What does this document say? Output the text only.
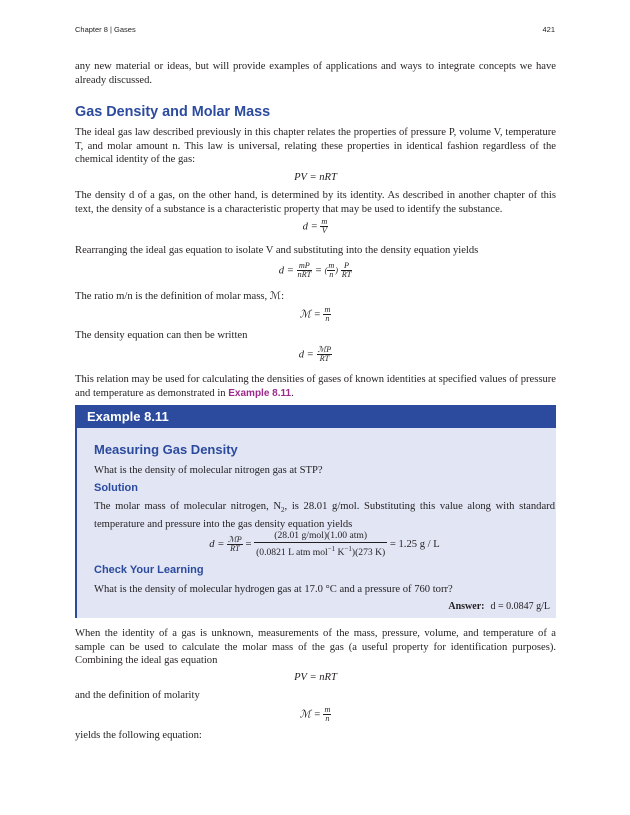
Chapter 8 | Gases	421

any new material or ideas, but will provide examples of applications and ways to integrate concepts we have already discussed.

Gas Density and Molar Mass

The ideal gas law described previously in this chapter relates the properties of pressure P, volume V, temperature T, and molar amount n. This law is universal, relating these properties in identical fashion regardless of the chemical identity of the gas:

PV = nRT

The density d of a gas, on the other hand, is determined by its identity. As described in another chapter of this text, the density of a substance is a characteristic property that may be used to identify the substance.

$d = \frac{m}{V}$

Rearranging the ideal gas equation to isolate V and substituting into the density equation yields

$d = \frac{mP}{\text{nRT}}$ = ( $\frac{m}{n}$ ) $\frac{P}{RT}$

The ratio m/n is the definition of molar mass, ℳ:

ℳ = $\frac{m}{n}$

The density equation can then be written

$d = \frac{\text{ℳP}}{RT}$

This relation may be used for calculating the densities of gases of known identities at specified values of pressure and temperature as demonstrated in Example 8.11.

Example 8.11
Measuring Gas Density

What is the density of molecular nitrogen gas at STP?

Solution

The molar mass of molecular nitrogen, $N_2$, is 28.01 g/mol. Substituting this value along with standard temperature and pressure into the gas density equation yields

$d = \frac{\text{ℳP}}{RT} = \frac{\text{(28.01 g/mol)(1.00 atm)}}{(0.0821 L atm mol^{-1} K^{-1})(273 K)} = 1.25$ g / L
Check Your Learning

What is the density of molecular hydrogen gas at 17.0 °C and a pressure of 760 torr?

Answer: d = 0.0847 g/L

When the identity of a gas is unknown, measurements of the mass, pressure, volume, and temperature of a sample can be used to calculate the molar mass of the gas (a useful property for identification purposes). Combining the ideal gas equation

PV = nRT

and the definition of molarity

ℳ = $\frac{m}{n}$

yields the following equation:
